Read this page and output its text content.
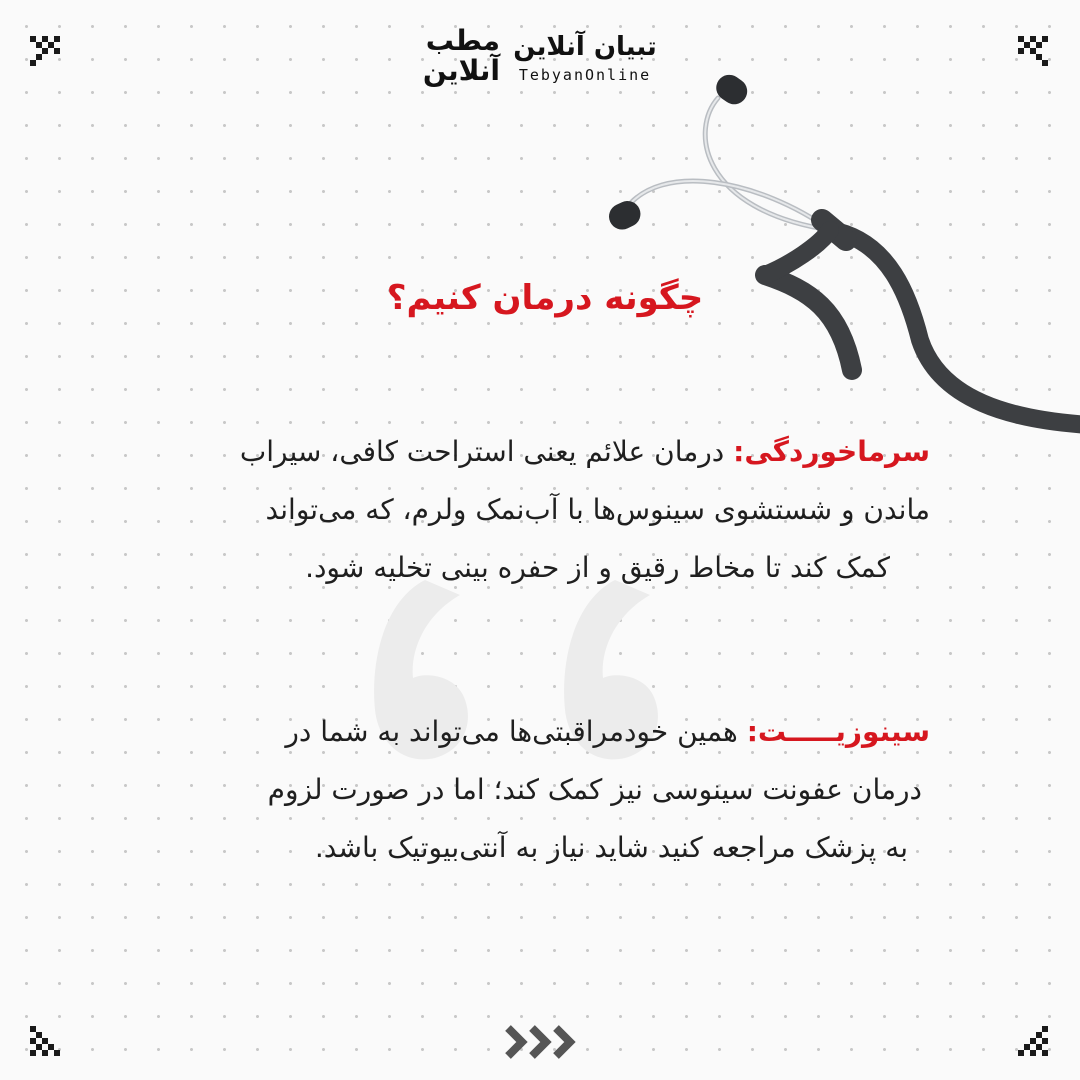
مطب
آنلاین
تبیان آنلاین
TebyanOnline
چگونه درمان کنیم؟
سرماخوردگی: درمان علائم یعنی استراحت کافی، سیراب
ماندن و شستشوی سینوس‌ها با آب‌نمک ولرم، که می‌تواند
کمک کند تا مخاط رقیق و از حفره بینی تخلیه شود.
سینوزیـــــت: همین خودمراقبتی‌ها می‌تواند به شما در
درمان عفونت سینوسی نیز کمک کند؛ اما در صورت لزوم
به پزشک مراجعه کنید شاید نیاز به آنتی‌بیوتیک باشد.
